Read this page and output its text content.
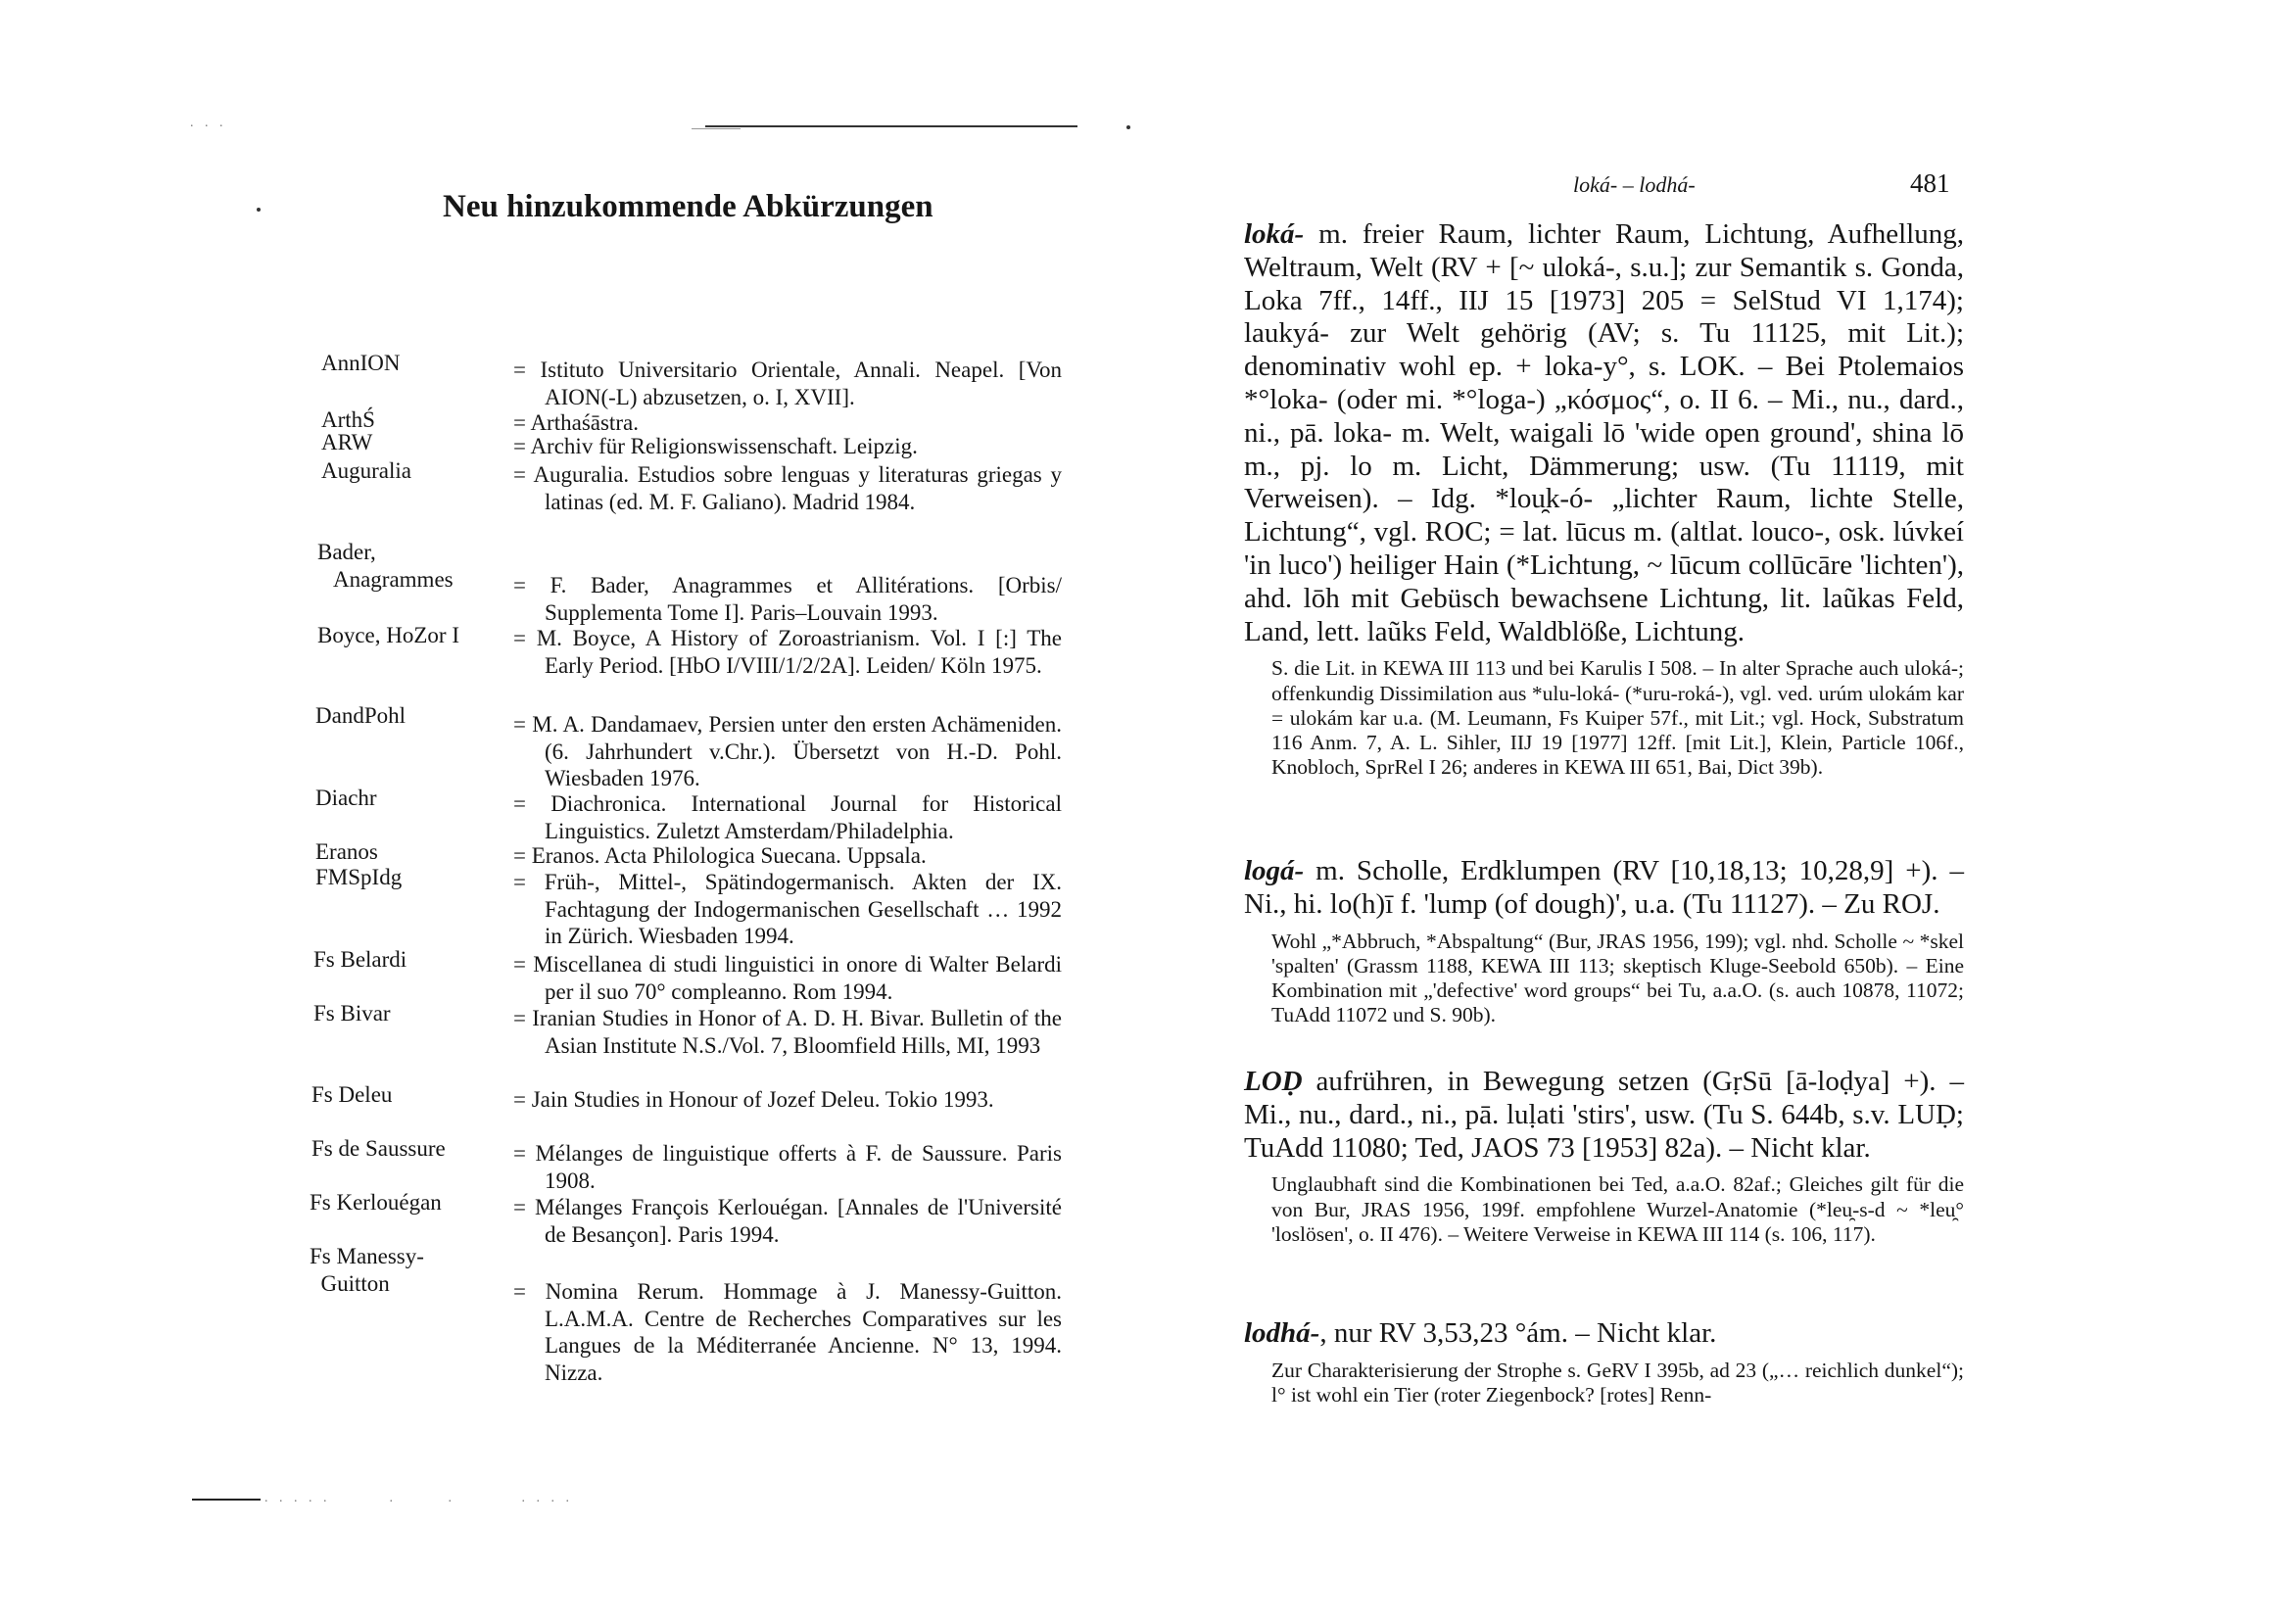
. . . . .        .       .         . . . .
. . .
Neu hinzukommende Abkürzungen
AnnION	= Istituto Universitario Orientale, Annali. Neapel. [Von AION(-L) abzusetzen, o. I, XVII].
ArthŚ	= Arthaśāstra.
ARW	= Archiv für Religionswissenschaft. Leipzig.
Auguralia	= Auguralia. Estudios sobre lenguas y literaturas griegas y latinas (ed. M. F. Galiano). Madrid 1984.
Bader,
Anagrammes	= F. Bader, Anagrammes et Allitérations. [Orbis/ Supplementa Tome I]. Paris–Louvain 1993.
Boyce, HoZor I = M. Boyce, A History of Zoroastrianism. Vol. I [:] The Early Period. [HbO I/VIII/1/2/2A]. Leiden/ Köln 1975.
DandPohl	= M. A. Dandamaev, Persien unter den ersten Achämeniden. (6. Jahrhundert v.Chr.). Übersetzt von H.-D. Pohl. Wiesbaden 1976.
Diachr	= Diachronica. International Journal for Historical Linguistics. Zuletzt Amsterdam/Philadelphia.
Eranos	= Eranos. Acta Philologica Suecana. Uppsala.
FMSpIdg	= Früh-, Mittel-, Spätindogermanisch. Akten der IX. Fachtagung der Indogermanischen Gesellschaft … 1992 in Zürich. Wiesbaden 1994.
Fs Belardi	= Miscellanea di studi linguistici in onore di Walter Belardi per il suo 70° compleanno. Rom 1994.
Fs Bivar	= Iranian Studies in Honor of A. D. H. Bivar. Bulletin of the Asian Institute N.S./Vol. 7, Bloomfield Hills, MI, 1993
Fs Deleu	= Jain Studies in Honour of Jozef Deleu. Tokio 1993.
Fs de Saussure	= Mélanges de linguistique offerts à F. de Saussure. Paris 1908.
Fs Kerlouégan	= Mélanges François Kerlouégan. [Annales de l'Université de Besançon]. Paris 1994.
Fs Manessy-
Guitton	= Nomina Rerum. Hommage à J. Manessy-Guitton. L.A.M.A. Centre de Recherches Comparatives sur les Langues de la Méditerranée Ancienne. N° 13, 1994. Nizza.
loká- – lodhá-	481
loká- m. freier Raum, lichter Raum, Lichtung, Aufhellung, Weltraum, Welt (RV + [~ uloká-, s.u.]; zur Semantik s. Gonda, Loka 7ff., 14ff., IIJ 15 [1973] 205 = SelStud VI 1,174); laukyá- zur Welt gehörig (AV; s. Tu 11125, mit Lit.); denominativ wohl ep. + loka-y°, s. LOK. – Bei Ptolemaios *°loka- (oder mi. *°loga-) „κόσμος“, o. II 6. – Mi., nu., dard., ni., pā. loka- m. Welt, waigali lō 'wide open ground', shina lō m., pj. lo m. Licht, Dämmerung; usw. (Tu 11119, mit Verweisen). – Idg. *lou̯k-ó- „lichter Raum, lichte Stelle, Lichtung“, vgl. ROC; = lat. lūcus m. (altlat. louco-, osk. lúvkeí 'in luco') heiliger Hain (*Lichtung, ~ lūcum collūcāre 'lichten'), ahd. lōh mit Gebüsch bewachsene Lichtung, lit. laũkas Feld, Land, lett. laũks Feld, Waldblöße, Lichtung.
S. die Lit. in KEWA III 113 und bei Karulis I 508. – In alter Sprache auch uloká-; offenkundig Dissimilation aus *ulu-loká- (*uru-roká-), vgl. ved. urúm ulokám kar = ulokám kar u.a. (M. Leumann, Fs Kuiper 57f., mit Lit.; vgl. Hock, Substratum 116 Anm. 7, A. L. Sihler, IIJ 19 [1977] 12ff. [mit Lit.], Klein, Particle 106f., Knobloch, SprRel I 26; anderes in KEWA III 651, Bai, Dict 39b).
logá- m. Scholle, Erdklumpen (RV [10,18,13; 10,28,9] +). – Ni., hi. lo(h)ī f. 'lump (of dough)', u.a. (Tu 11127). – Zu ROJ.
Wohl „*Abbruch, *Abspaltung“ (Bur, JRAS 1956, 199); vgl. nhd. Scholle ~ *skel 'spalten' (Grassm 1188, KEWA III 113; skeptisch Kluge-Seebold 650b). – Eine Kombination mit „'defective' word groups“ bei Tu, a.a.O. (s. auch 10878, 11072; TuAdd 11072 und S. 90b).
LOḌ aufrühren, in Bewegung setzen (GṛSū [ā-loḍya] +). – Mi., nu., dard., ni., pā. luḷati 'stirs', usw. (Tu S. 644b, s.v. LUḌ; TuAdd 11080; Ted, JAOS 73 [1953] 82a). – Nicht klar.
Unglaubhaft sind die Kombinationen bei Ted, a.a.O. 82af.; Gleiches gilt für die von Bur, JRAS 1956, 199f. empfohlene Wurzel-Anatomie (*leu̯-s-d ~ *leu̯° 'loslösen', o. II 476). – Weitere Verweise in KEWA III 114 (s. 106, 117).
lodhá-, nur RV 3,53,23 °ám. – Nicht klar.
Zur Charakterisierung der Strophe s. GeRV I 395b, ad 23 („… reichlich dunkel“); l° ist wohl ein Tier (roter Ziegenbock? [rotes] Renn-
